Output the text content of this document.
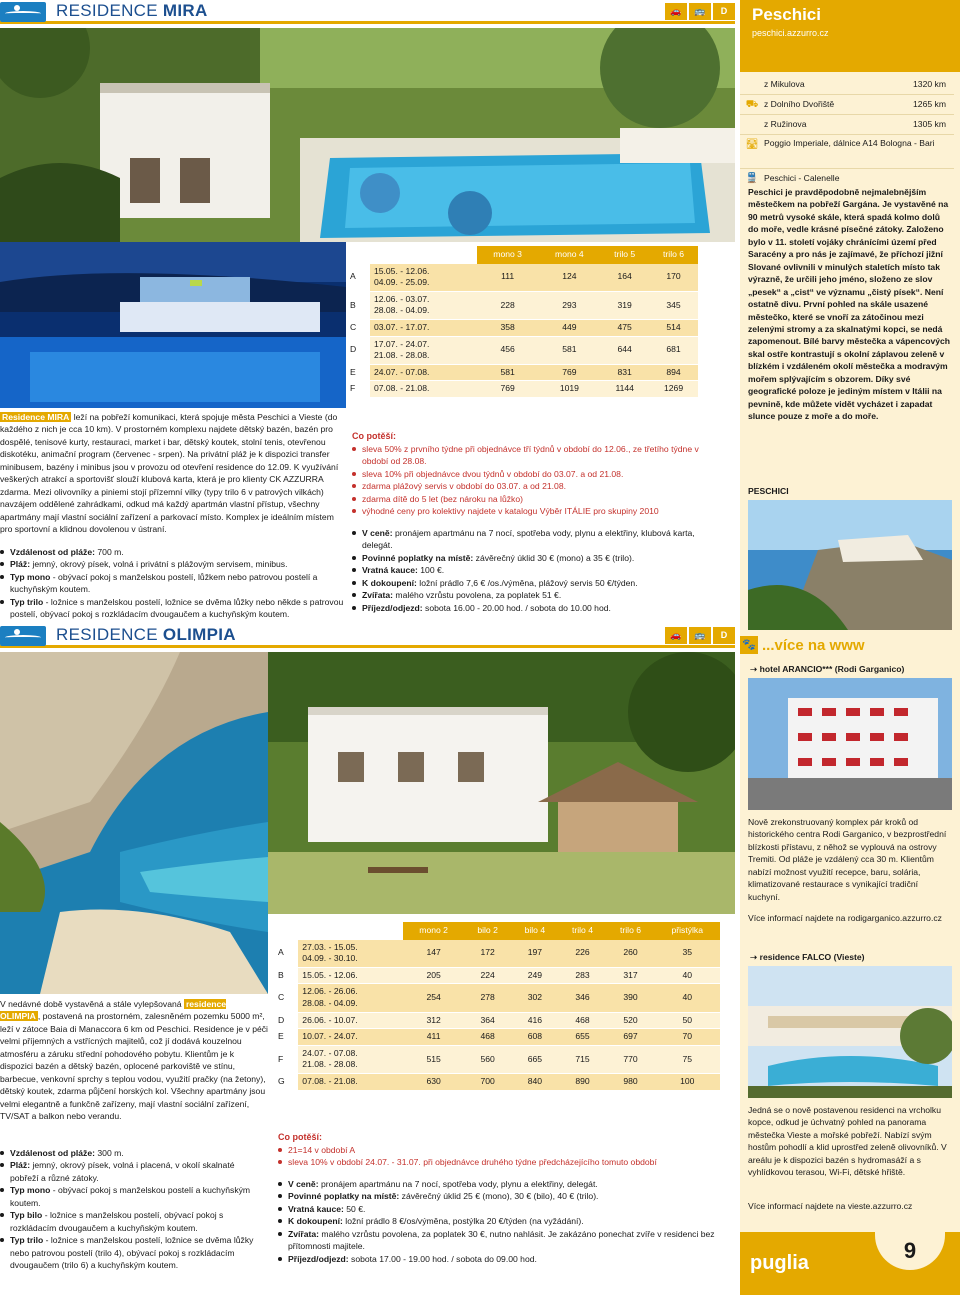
RESIDENCE MIRA	🚗	🚌	D

Residence MIRA leží na pobřeží komunikaci, která spojuje města Peschici a Vieste (do každého z nich je cca 10 km). V prostorném komplexu najdete dětský bazén, bazén pro dospělé, tenisové kurty, restauraci, market i bar, dětský koutek, stolní tenis, otevřenou diskotéku, animační program (červenec - srpen). Na privátní pláž je k dispozici transfer minibusem, bazény i minibus jsou v provozu od otevření residence do 12.09. K využívání veškerých atrakcí a sportovišť slouží klubová karta, která je pro klienty CK AZZURRA zdarma. Mezi olivovníky a piniemi stojí přízemní vilky (typy trilo 6 v patrových vilkách) navzájem oddělené zahrádkami, odkud má každý apartmán vlastní přístup, všechny apartmány mají vlastní sociální zařízení a parkovací místo. Komplex je ideálním místem pro sportovní a klidnou dovolenou v ústraní.

Vzdálenost od pláže: 700 m.
Pláž: jemný, okrový písek, volná i privátní s plážovým servisem, minibus.
Typ mono - obývací pokoj s manželskou postelí, lůžkem nebo patrovou postelí a kuchyňským koutem.
Typ trilo - ložnice s manželskou postelí, ložnice se dvěma lůžky nebo někde s patrovou postelí, obývací pokoj s rozkládacím dvougaučem a kuchyňským koutem.
		mono 3	mono 4	trilo 5	trilo 6
A	15.05. - 12.06.
04.09. - 25.09.	111	124	164	170
B	12.06. - 03.07.
28.08. - 04.09.	228	293	319	345
C	03.07. - 17.07.	358	449	475	514
D	17.07. - 24.07.
21.08. - 28.08.	456	581	644	681
E	24.07. - 07.08.	581	769	831	894
F	07.08. - 21.08.	769	1019	1144	1269
Co potěší:
sleva 50% z prvního týdne při objednávce tří týdnů v období do 12.06., ze třetího týdne v období od 28.08.
sleva 10% při objednávce dvou týdnů v období do 03.07. a od 21.08.
zdarma plážový servis v období do 03.07. a od 21.08.
zdarma dítě do 5 let (bez nároku na lůžko)
výhodné ceny pro kolektivy najdete v katalogu Výběr ITÁLIE pro skupiny 2010
V ceně: pronájem apartmánu na 7 nocí, spotřeba vody, plynu a elektřiny, klubová karta, delegát.
Povinné poplatky na místě: závěrečný úklid 30 € (mono) a 35 € (trilo).
Vratná kauce: 100 €.
K dokoupení: ložní prádlo 7,6 € /os./výměna, plážový servis 50 €/týden.
Zvířata: malého vzrůstu povolena, za poplatek 51 €.
Příjezd/odjezd: sobota 16.00 - 20.00 hod. / sobota do 10.00 hod.
RESIDENCE OLIMPIA	🚗	🚌	D

V nedávné době vystavěná a stále vylepšovaná residence OLIMPIA , postavená na prostorném, zalesněném pozemku 5000 m², leží v zátoce Baia di Manaccora 6 km od Peschici. Residence je v péči velmi příjemných a vstřícných majitelů, což jí dodává kouzelnou atmosféru a záruku střední pohodového pobytu. Klientům je k dispozici bazén a dětský bazén, oplocené parkoviště ve stínu, barbecue, venkovní sprchy s teplou vodou, využití pračky (na žetony), dětský koutek, zdarma půjčení horských kol. Všechny apartmány jsou velmi elegantně a funkčně zařízeny, mají vlastní sociální zařízení, TV/SAT a balkon nebo verandu.

Vzdálenost od pláže: 300 m.
Pláž: jemný, okrový písek, volná i placená, v okolí skalnaté pobřeží a různé zátoky.
Typ mono - obývací pokoj s manželskou postelí a kuchyňským koutem.
Typ bilo - ložnice s manželskou postelí, obývací pokoj s rozkládacím dvougaučem a kuchyňským koutem.
Typ trilo - ložnice s manželskou postelí, ložnice se dvěma lůžky nebo patrovou postelí (trilo 4), obývací pokoj s rozkládacím dvougaučem (trilo 6) a kuchyňským koutem.
		mono 2	bilo 2	bilo 4	trilo 4	trilo 6	přistýlka
A	27.03. - 15.05.
04.09. - 30.10.	147	172	197	226	260	35
B	15.05. - 12.06.	205	224	249	283	317	40
C	12.06. - 26.06.
28.08. - 04.09.	254	278	302	346	390	40
D	26.06. - 10.07.	312	364	416	468	520	50
E	10.07. - 24.07.	411	468	608	655	697	70
F	24.07. - 07.08.
21.08. - 28.08.	515	560	665	715	770	75
G	07.08. - 21.08.	630	700	840	890	980	100
Co potěší:
21=14 v období A
sleva 10% v období 24.07. - 31.07. při objednávce druhého týdne předcházejícího tomuto období
V ceně: pronájem apartmánu na 7 nocí, spotřeba vody, plynu a elektřiny, delegát.
Povinné poplatky na místě: závěrečný úklid 25 € (mono), 30 € (bilo), 40 € (trilo).
Vratná kauce: 50 €.
K dokoupení: ložní prádlo 8 €/os/výměna, postýlka 20 €/týden (na vyžádání).
Zvířata: malého vzrůstu povolena, za poplatek 30 €, nutno nahlásit. Je zakázáno ponechat zvíře v residenci bez přítomnosti majitele.
Příjezd/odjezd: sobota 17.00 - 19.00 hod. / sobota do 09.00 hod.
Peschici
peschici.azzurro.cz
z Mikulova	1320 km
⛟ z Dolního Dvořiště	1265 km
z Ružinova	1305 km
🛣 Poggio Imperiale, dálnice A14 Bologna - Bari
🚆 Peschici - Calenelle

Peschici je pravděpodobně nejmalebnějším městečkem na pobřeží Gargána. Je vystavěné na 90 metrů vysoké skále, která spadá kolmo dolů do moře, vedle krásné písečné zátoky. Založeno bylo v 11. století vojáky chránícími území před Saracény a pro nás je zajímavé, že příchozí jižní Slované ovlivnili v minulých staletích místo tak výrazně, že určili jeho jméno, složeno ze slov „pesek“ a „cist“ ve významu „čistý písek“. Není ostatně divu. První pohled na skále usazené městečko, které se vnoří za zátočinou mezi zelenými stromy a za skalnatými kopci, se nedá zapomenout. Bílé barvy městečka a vápencových skal ostře kontrastují s okolní záplavou zeleně v blízkém i vzdáleném okolí městečka a modravým mořem splývajícím s obzorem. Díky své geografické poloze je jediným místem v Itálii na pevnině, kde můžete vidět vycházet i zapadat slunce pouze z moře a do moře.

PESCHICI
🐾 ...více na www
➝ hotel ARANCIO*** (Rodi Garganico)

Nově zrekonstruovaný komplex pár kroků od historického centra Rodi Garganico, v bezprostřední blízkosti přístavu, z něhož se vyplouvá na ostrovy Tremiti. Od pláže je vzdálený cca 30 m. Klientům nabízí možnost využití recepce, baru, solária, klimatizované restaurace s vynikající tradiční kuchyní.

Více informací najdete na rodigarganico.azzurro.cz

➝ residence FALCO (Vieste)

Jedná se o nově postavenou residenci na vrcholku kopce, odkud je úchvatný pohled na panorama městečka Vieste a mořské pobřeží. Nabízí svým hostům pohodlí a klid uprostřed zeleně olivovníků. V areálu je k dispozici bazén s hydromasáží a s vyhlídkovou terasou, Wi-Fi, dětské hřiště.

Více informací najdete na vieste.azzurro.cz

puglia	9
